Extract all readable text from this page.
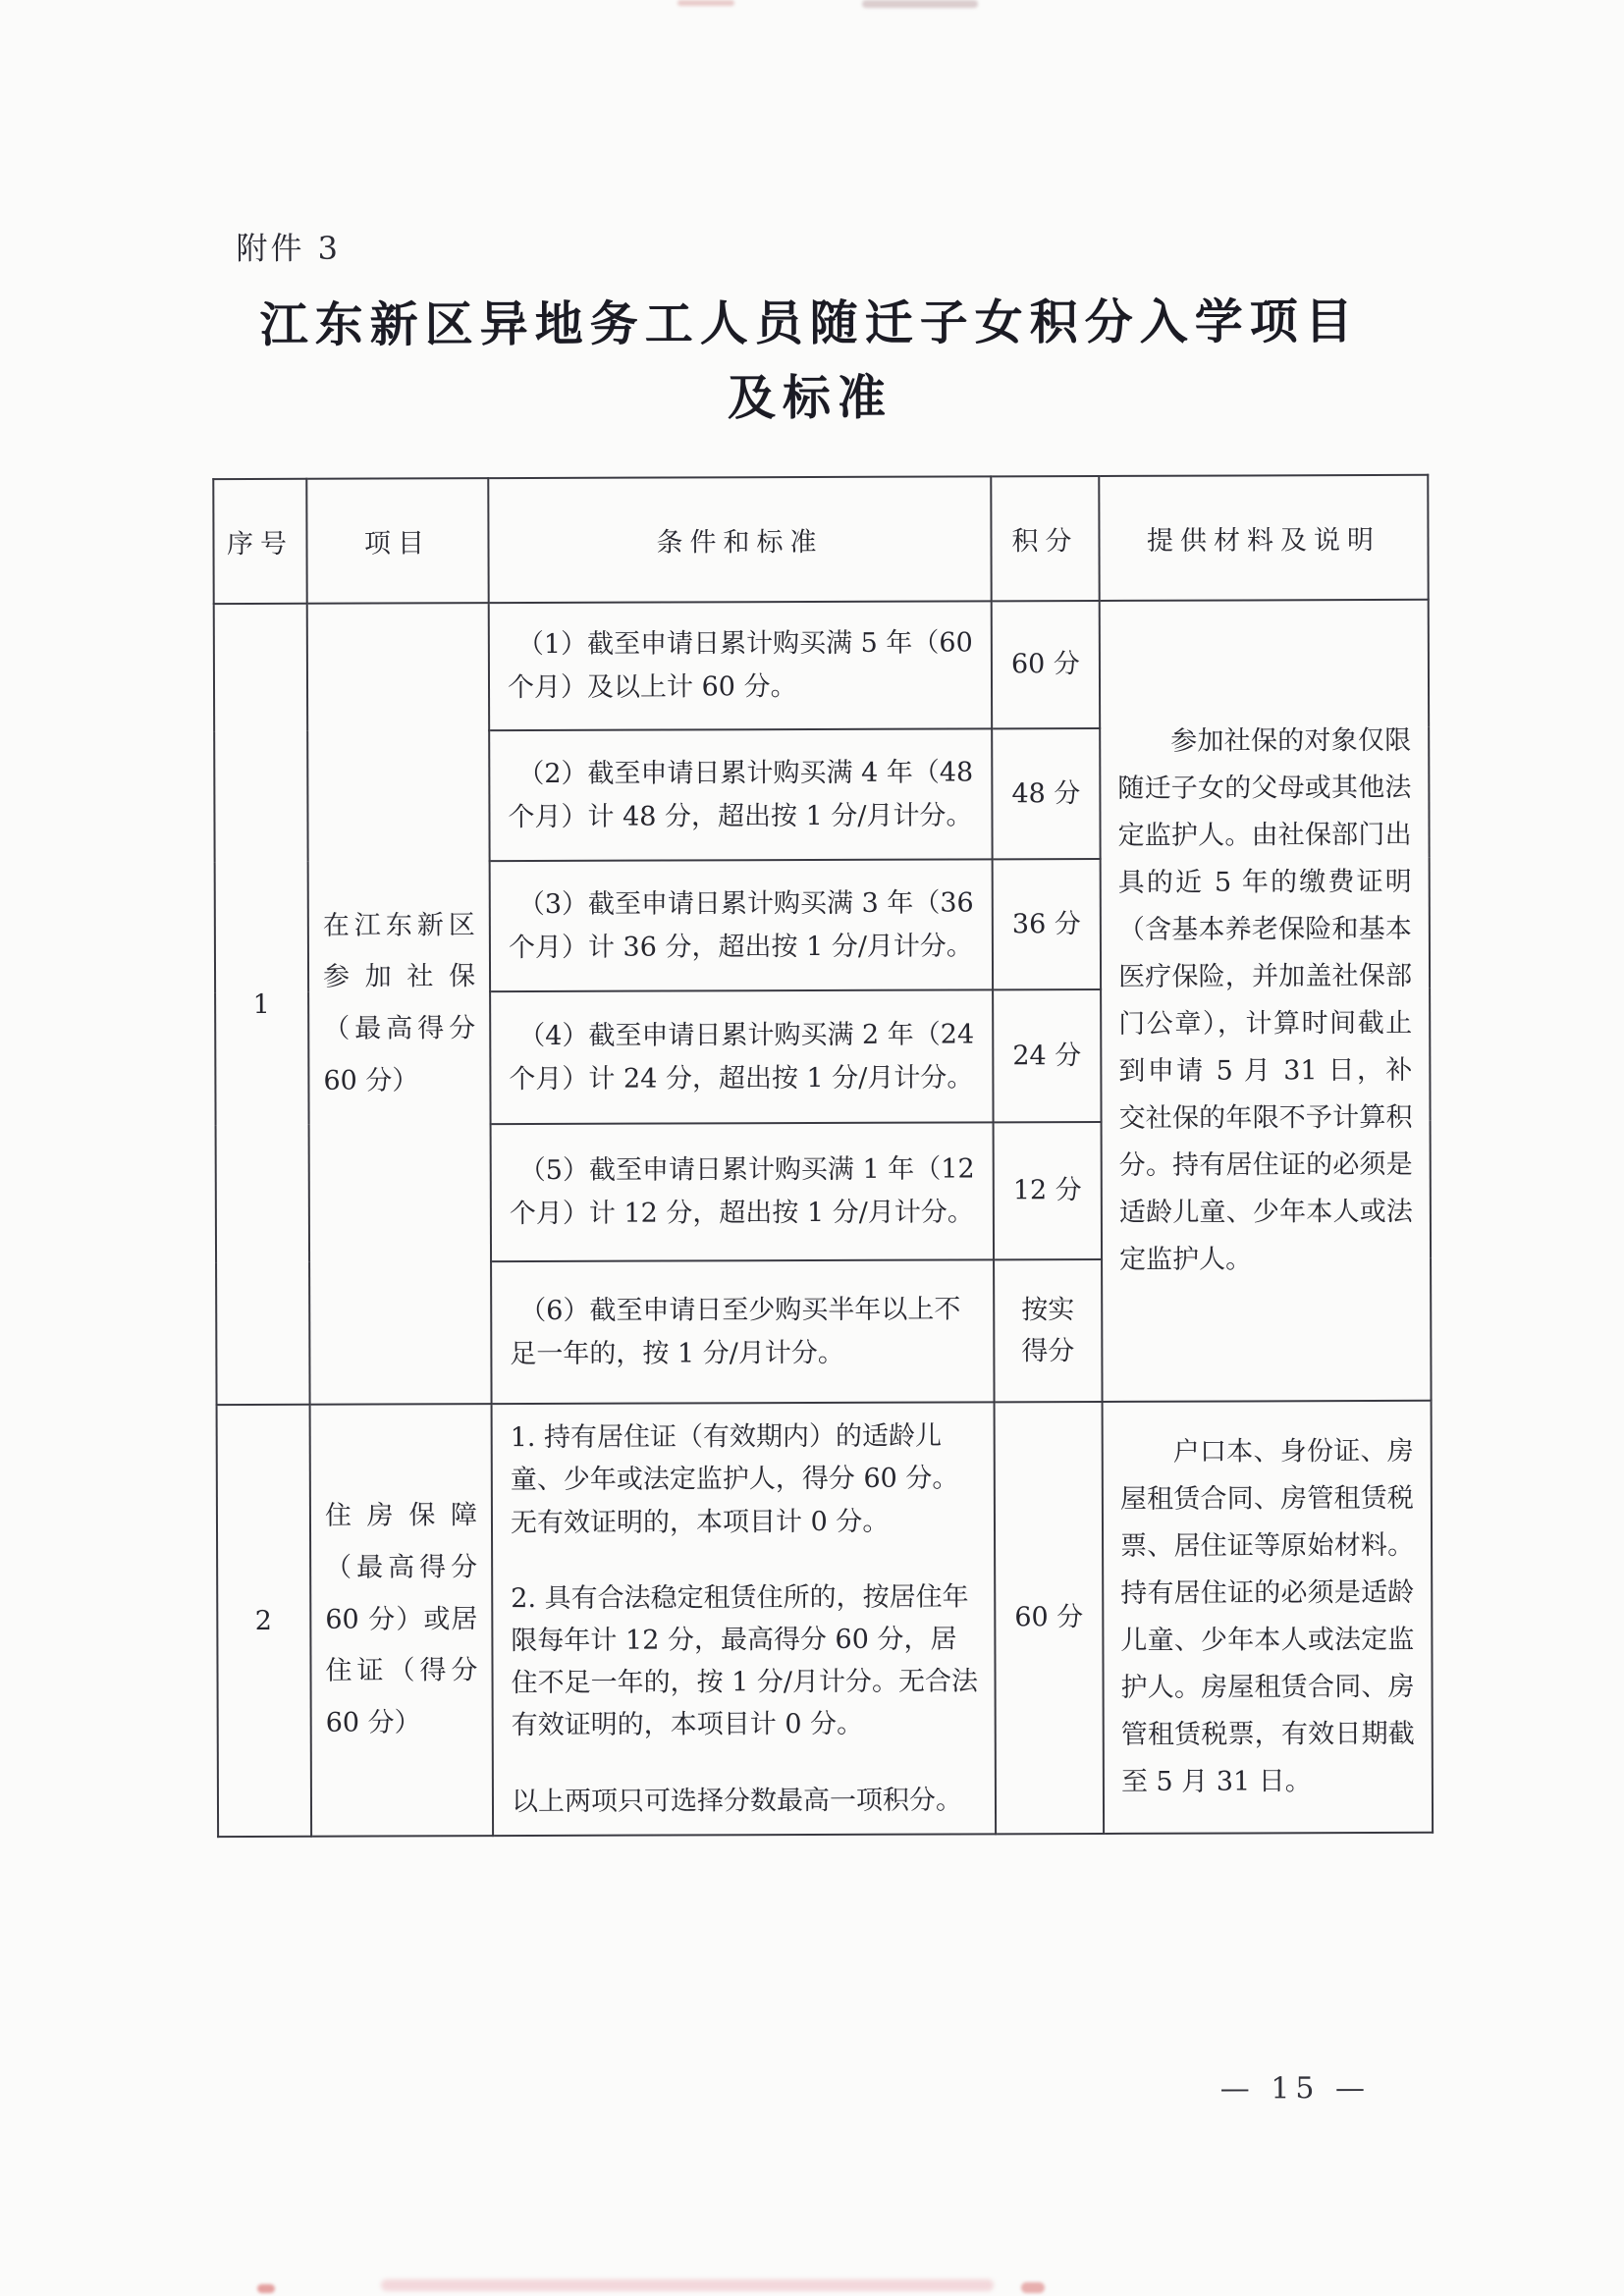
附件 3
江东新区异地务工人员随迁子女积分入学项目
及标准
序号	项目	条件和标准	积分	提供材料及说明
1	在江东新区参加社保（最高得分 60 分）	（1）截至申请日累计购买满 5 年（60 个月）及以上计 60 分。	60 分	参加社保的对象仅限随迁子女的父母或其他法定监护人。由社保部门出具的近 5 年的缴费证明（含基本养老保险和基本医疗保险，并加盖社保部门公章），计算时间截止到申请 5 月 31 日，补交社保的年限不予计算积分。持有居住证的必须是适龄儿童、少年本人或法定监护人。
		（2）截至申请日累计购买满 4 年（48 个月）计 48 分，超出按 1 分/月计分。	48 分	
		（3）截至申请日累计购买满 3 年（36 个月）计 36 分，超出按 1 分/月计分。	36 分	
		（4）截至申请日累计购买满 2 年（24 个月）计 24 分，超出按 1 分/月计分。	24 分	
		（5）截至申请日累计购买满 1 年（12 个月）计 12 分，超出按 1 分/月计分。	12 分	
		（6）截至申请日至少购买半年以上不足一年的，按 1 分/月计分。	按实
得分	
2	住房保障（最高得分 60 分）或居住证（得分 60 分）	1. 持有居住证（有效期内）的适龄儿童、少年或法定监护人，得分 60 分。无有效证明的，本项目计 0 分。
2. 具有合法稳定租赁住所的，按居住年限每年计 12 分，最高得分 60 分，居住不足一年的，按 1 分/月计分。无合法有效证明的，本项目计 0 分。
以上两项只可选择分数最高一项积分。	60 分	户口本、身份证、房屋租赁合同、房管租赁税票、居住证等原始材料。持有居住证的必须是适龄儿童、少年本人或法定监护人。房屋租赁合同、房管租赁税票，有效日期截至 5 月 31 日。
— 15 —
